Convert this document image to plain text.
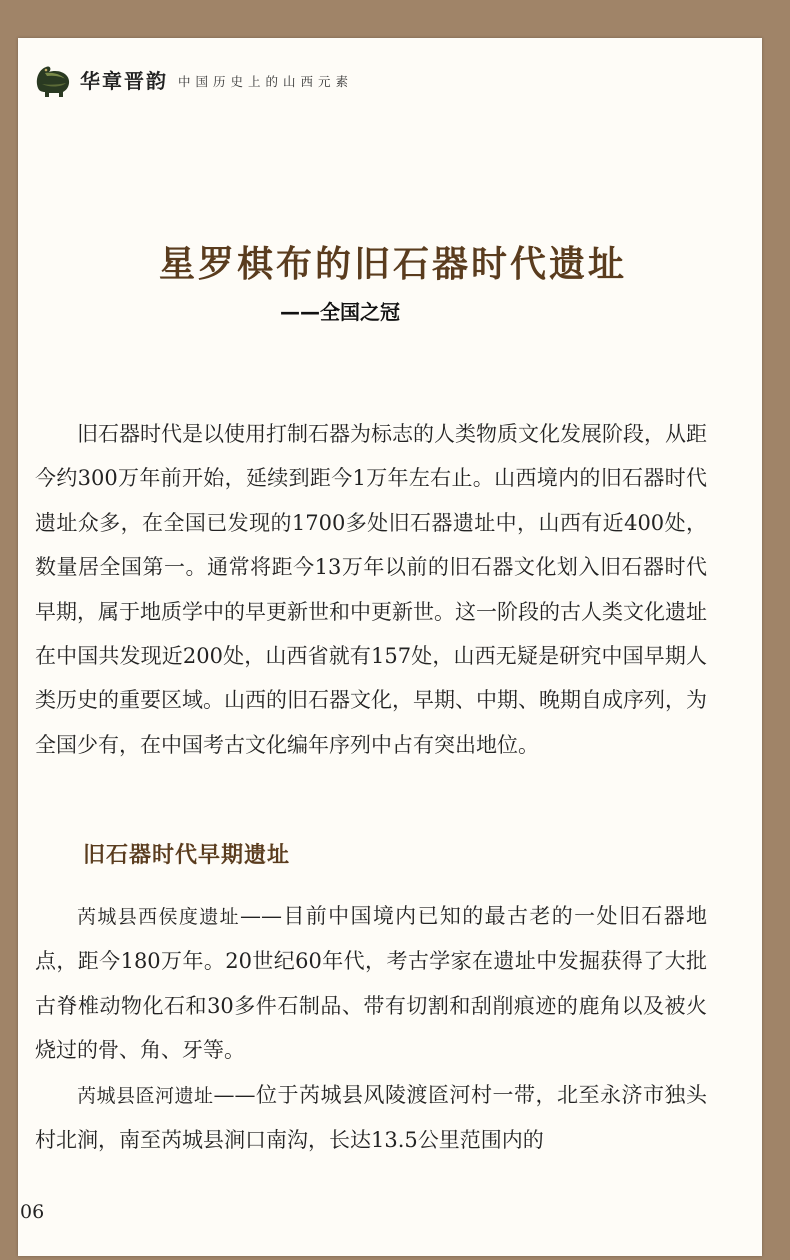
华章晋韵 中国历史上的山西元素
星罗棋布的旧石器时代遗址
——全国之冠

旧石器时代是以使用打制石器为标志的人类物质文化发展阶段，从距今约300万年前开始，延续到距今1万年左右止。山西境内的旧石器时代遗址众多，在全国已发现的1700多处旧石器遗址中，山西有近400处，数量居全国第一。通常将距今13万年以前的旧石器文化划入旧石器时代早期，属于地质学中的早更新世和中更新世。这一阶段的古人类文化遗址在中国共发现近200处，山西省就有157处，山西无疑是研究中国早期人类历史的重要区域。山西的旧石器文化，早期、中期、晚期自成序列，为全国少有，在中国考古文化编年序列中占有突出地位。

旧石器时代早期遗址

芮城县西侯度遗址——目前中国境内已知的最古老的一处旧石器地点，距今180万年。20世纪60年代，考古学家在遗址中发掘获得了大批古脊椎动物化石和30多件石制品、带有切割和刮削痕迹的鹿角以及被火烧过的骨、角、牙等。

芮城县匼河遗址——位于芮城县风陵渡匼河村一带，北至永济市独头村北涧，南至芮城县涧口南沟，长达13.5公里范围内的

06
